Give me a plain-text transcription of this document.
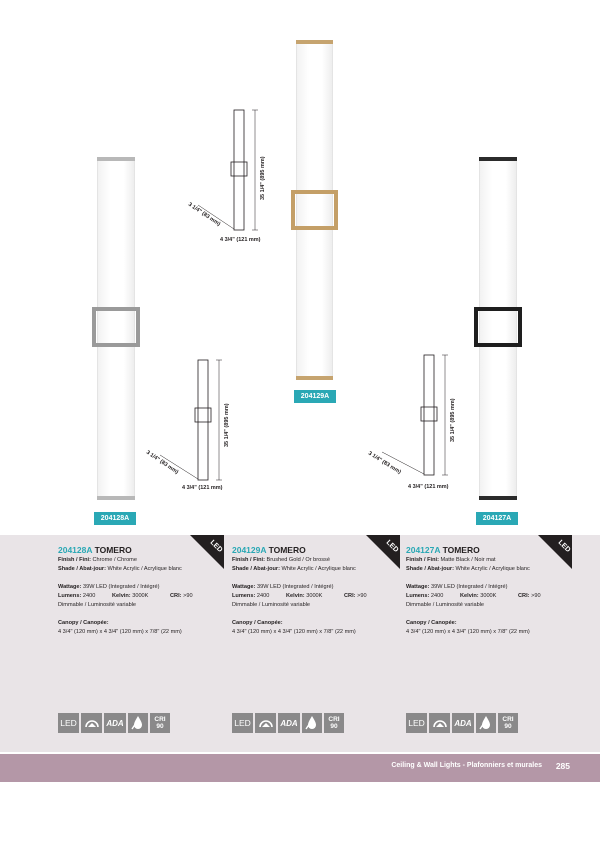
35 1/4" (895 mm)
3 1/4" (83 mm)
4 3/4" (121 mm)
35 1/4" (895 mm)
3 1/4" (83 mm)
4 3/4" (121 mm)
35 1/4" (895 mm)
3 1/4" (83 mm)
4 3/4" (121 mm)
204128A
204129A
204127A
LED	LED	LED
204128A TOMERO
Finish / Fini: Chrome / Chrome
Shade / Abat-jour: White Acrylic / Acrylique blanc
Wattage: 39W LED (Integrated / Intégré)
Lumens: 2400	Kelvin: 3000K	CRI: >90
Dimmable / Luminosité variable
Canopy / Canopée:
4 3/4" (120 mm) x 4 3/4" (120 mm) x 7/8" (22 mm)
204129A TOMERO
Finish / Fini: Brushed Gold / Or brossé
Shade / Abat-jour: White Acrylic / Acrylique blanc
Wattage: 39W LED (Integrated / Intégré)
Lumens: 2400	Kelvin: 3000K	CRI: >90
Dimmable / Luminosité variable
Canopy / Canopée:
4 3/4" (120 mm) x 4 3/4" (120 mm) x 7/8" (22 mm)
204127A TOMERO
Finish / Fini: Matte Black / Noir mat
Shade / Abat-jour: White Acrylic / Acrylique blanc
Wattage: 39W LED (Integrated / Intégré)
Lumens: 2400	Kelvin: 3000K	CRI: >90
Dimmable / Luminosité variable
Canopy / Canopée:
4 3/4" (120 mm) x 4 3/4" (120 mm) x 7/8" (22 mm)
LED	ADA	CRI
90	LED	ADA	CRI
90	LED	ADA	CRI
90
Ceiling & Wall Lights - Plafonniers et murales 285
